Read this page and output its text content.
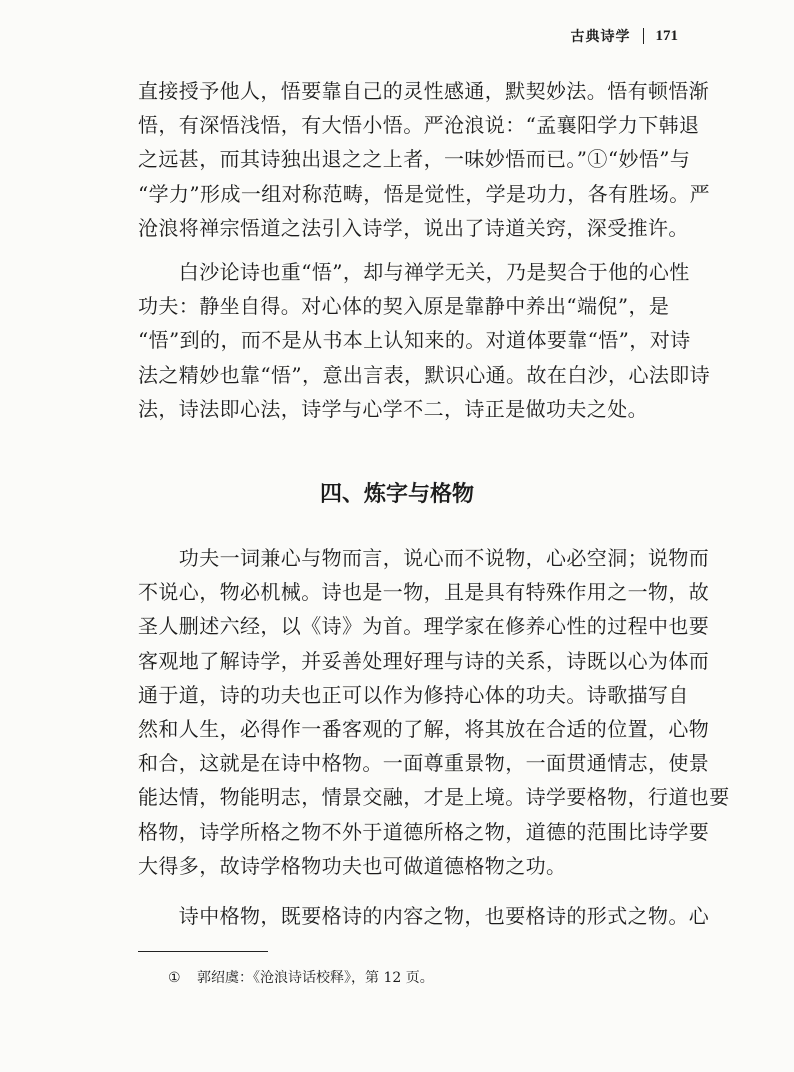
古典诗学 171

直接授予他人，悟要靠自己的灵性感通，默契妙法。悟有顿悟渐

悟，有深悟浅悟，有大悟小悟。严沧浪说：“孟襄阳学力下韩退

之远甚，而其诗独出退之之上者，一味妙悟而已。”①“妙悟”与

“学力”形成一组对称范畴，悟是觉性，学是功力，各有胜场。严

沧浪将禅宗悟道之法引入诗学，说出了诗道关窍，深受推许。

　　白沙论诗也重“悟”，却与禅学无关，乃是契合于他的心性

功夫：静坐自得。对心体的契入原是靠静中养出“端倪”，是

“悟”到的，而不是从书本上认知来的。对道体要靠“悟”，对诗

法之精妙也靠“悟”，意出言表，默识心通。故在白沙，心法即诗

法，诗法即心法，诗学与心学不二，诗正是做功夫之处。

四、炼字与格物

　　功夫一词兼心与物而言，说心而不说物，心必空洞；说物而

不说心，物必机械。诗也是一物，且是具有特殊作用之一物，故

圣人删述六经，以《诗》为首。理学家在修养心性的过程中也要

客观地了解诗学，并妥善处理好理与诗的关系，诗既以心为体而

通于道，诗的功夫也正可以作为修持心体的功夫。诗歌描写自

然和人生，必得作一番客观的了解，将其放在合适的位置，心物

和合，这就是在诗中格物。一面尊重景物，一面贯通情志，使景

能达情，物能明志，情景交融，才是上境。诗学要格物，行道也要

格物，诗学所格之物不外于道德所格之物，道德的范围比诗学要

大得多，故诗学格物功夫也可做道德格物之功。

　　诗中格物，既要格诗的内容之物，也要格诗的形式之物。心

① 郭绍虞：《沧浪诗话校释》，第 12 页。
